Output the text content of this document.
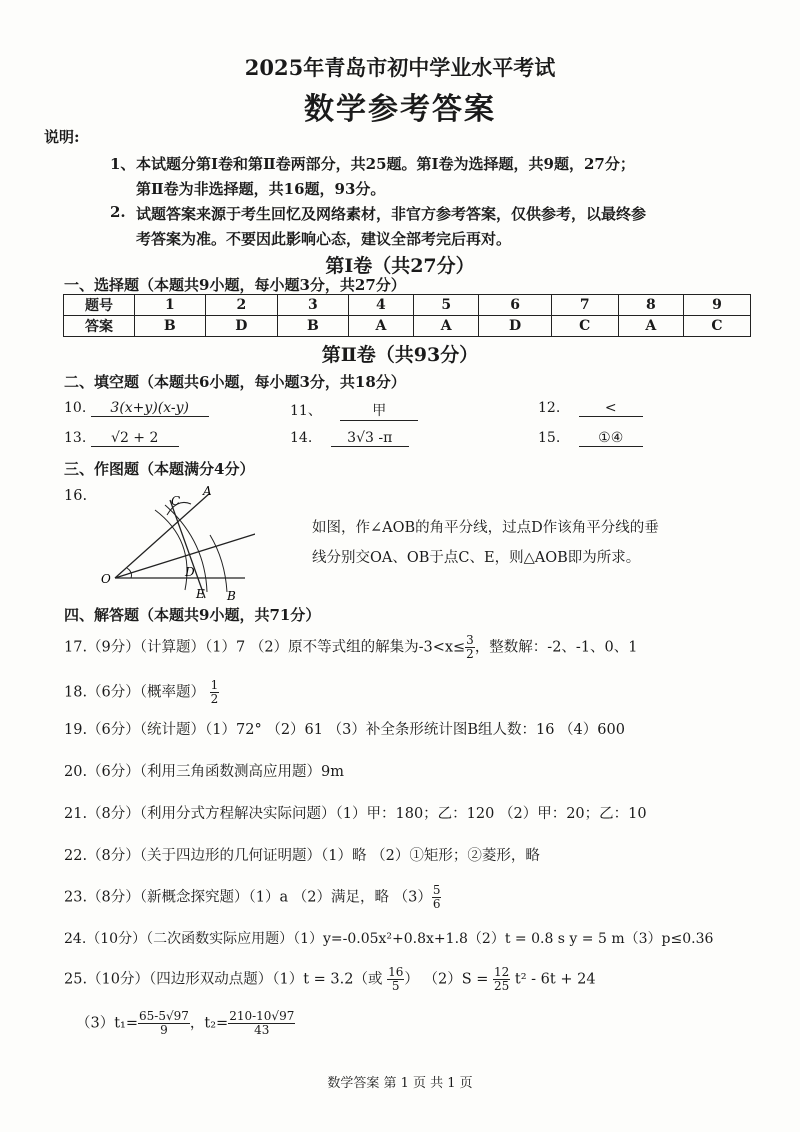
2025年青岛市初中学业水平考试
数学参考答案
说明:
1、 本试题分第Ⅰ卷和第Ⅱ卷两部分，共25题。第Ⅰ卷为选择题，共9题，27分；
第Ⅱ卷为非选择题，共16题，93分。
2. 试题答案来源于考生回忆及网络素材，非官方参考答案，仅供参考，以最终参
考答案为准。不要因此影响心态，建议全部考完后再对。
第Ⅰ卷（共27分）
一、选择题（本题共9小题，每小题3分，共27分）
题号	1	2	3	4	5	6	7	8	9
答案	B	D	B	A	A	D	C	A	C
第Ⅱ卷（共93分）
二、填空题（本题共6小题，每小题3分，共18分）
10. 3(x+y)(x-y)	11、	甲	12.	<
13. √2 + 2	14. 3√3 -π	15.	①④
三、作图题（本题满分4分）
16.	A
C
D
E B
O
如图，作∠AOB的角平分线，过点D作该角平分线的垂
线分别交OA、OB于点C、E，则△AOB即为所求。
四、解答题（本题共9小题，共71分）
17.（9分）（计算题）（1）7 （2）原不等式组的解集为$-3<x\le \frac{3}{2}$ ，整数解：-2、-1、0、1
18.（6分）（概率题） $\frac{1}{2}$
19.（6分）（统计题）（1）72° （2）61 （3）补全条形统计图B组人数：16 （4）600
20.（6分）（利用三角函数测高应用题）9m
21.（8分）（利用分式方程解决实际问题）（1）甲：180；乙：120 （2）甲：20；乙：10
22.（8分）（关于四边形的几何证明题）（1）略 （2）①矩形；②菱形，略
23.（8分）（新概念探究题）（1）a （2）满足，略 $(3) \frac{5}{6}$
24.（10分）（二次函数实际应用题）（1）y=-0.05x²+0.8x+1.8（2）t = 0.8 s y = 5 m（3）p≤0.36
25.（10分）（四边形双动点题）（1）t = 3.2（或 $\frac{16}{5}$ ） $(2)S = \frac{12}{25} t^2 - 6t + 24$
$(3)t_1= \frac{65-5√97}{9}$ ，$t_2= \frac{210-10√97}{43}$
数学答案 第 1 页 共 1 页
